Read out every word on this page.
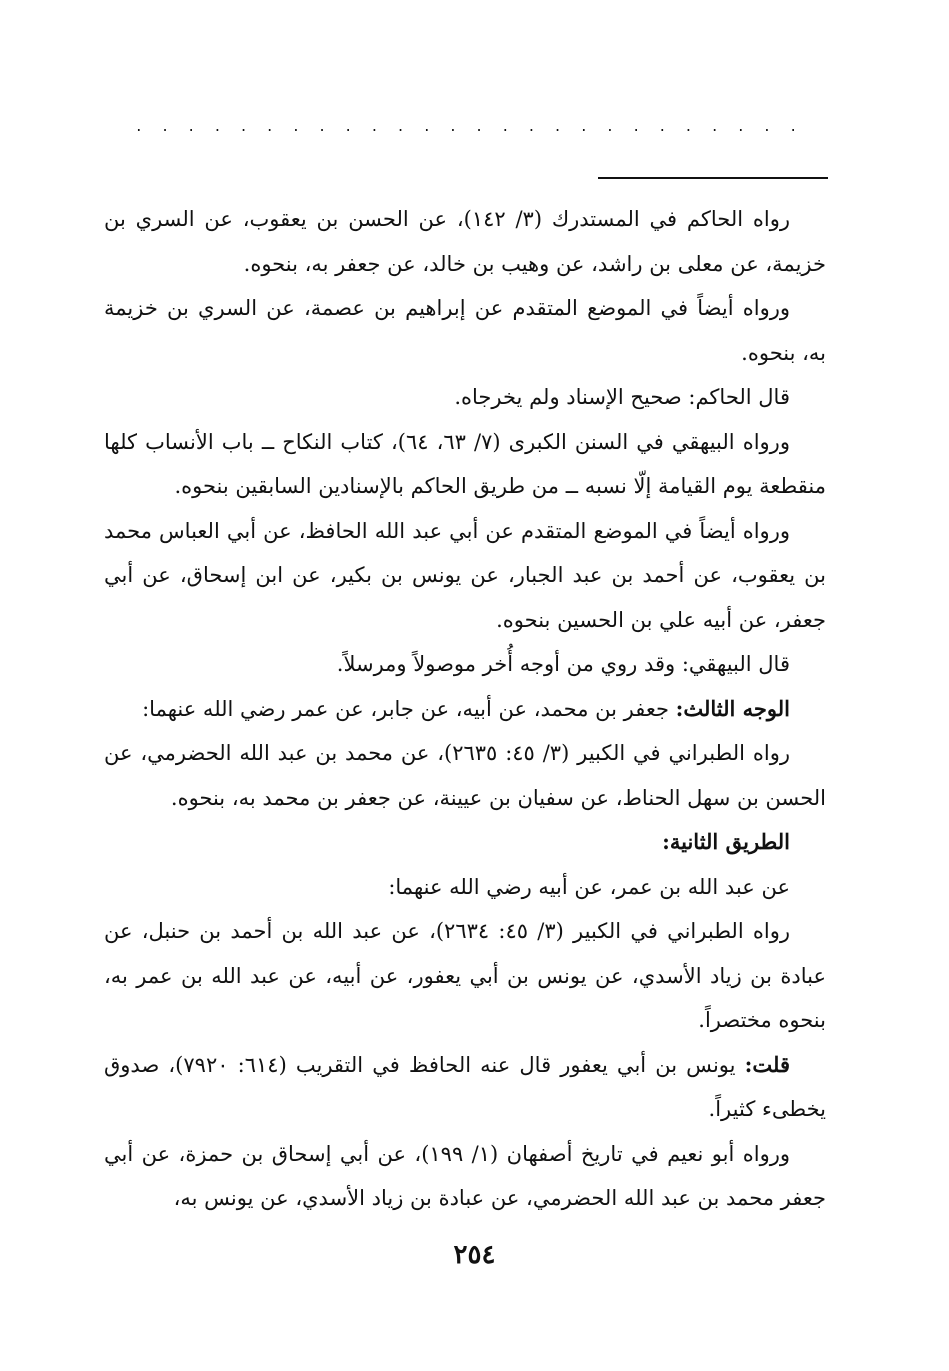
. . . . . . . . . . . . . . . . . . . . . . . . . .

رواه الحاكم في المستدرك (٣/ ١٤٢)، عن الحسن بن يعقوب، عن السري بن خزيمة، عن معلى بن راشد، عن وهيب بن خالد، عن جعفر به، بنحوه.

ورواه أيضاً في الموضع المتقدم عن إبراهيم بن عصمة، عن السري بن خزيمة به، بنحوه.

قال الحاكم: صحيح الإسناد ولم يخرجاه.

ورواه البيهقي في السنن الكبرى (٧/ ٦٣، ٦٤)، كتاب النكاح ــ باب الأنساب كلها منقطعة يوم القيامة إلّا نسبه ــ من طريق الحاكم بالإسنادين السابقين بنحوه.

ورواه أيضاً في الموضع المتقدم عن أبي عبد الله الحافظ، عن أبي العباس محمد بن يعقوب، عن أحمد بن عبد الجبار، عن يونس بن بكير، عن ابن إسحاق، عن أبي جعفر، عن أبيه علي بن الحسين بنحوه.

قال البيهقي: وقد روي من أوجه أُخر موصولاً ومرسلاً.

الوجه الثالث: جعفر بن محمد، عن أبيه، عن جابر، عن عمر رضي الله عنهما:

رواه الطبراني في الكبير (٣/ ٤٥: ٢٦٣٥)، عن محمد بن عبد الله الحضرمي، عن الحسن بن سهل الحناط، عن سفيان بن عيينة، عن جعفر بن محمد به، بنحوه.

الطريق الثانية:

عن عبد الله بن عمر، عن أبيه رضي الله عنهما:

رواه الطبراني في الكبير (٣/ ٤٥: ٢٦٣٤)، عن عبد الله بن أحمد بن حنبل، عن عبادة بن زياد الأسدي، عن يونس بن أبي يعفور، عن أبيه، عن عبد الله بن عمر به، بنحوه مختصراً.

قلت: يونس بن أبي يعفور قال عنه الحافظ في التقريب (٦١٤: ٧٩٢٠)، صدوق يخطىء كثيراً.

ورواه أبو نعيم في تاريخ أصفهان (١/ ١٩٩)، عن أبي إسحاق بن حمزة، عن أبي جعفر محمد بن عبد الله الحضرمي، عن عبادة بن زياد الأسدي، عن يونس به،

٢٥٤
